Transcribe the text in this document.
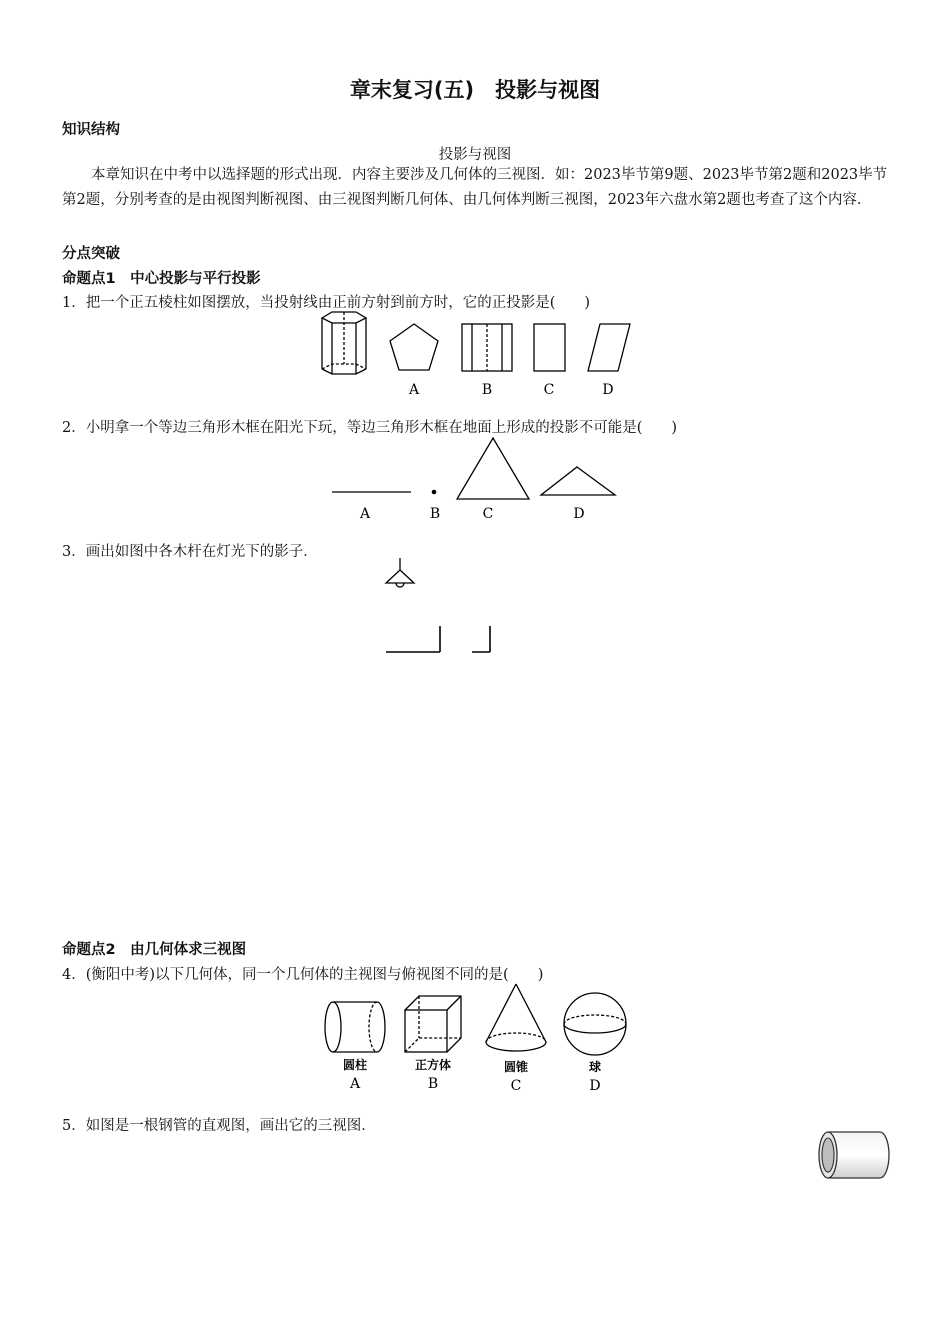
章末复习(五)　投影与视图
知识结构
投影与视图
本章知识在中考中以选择题的形式出现．内容主要涉及几何体的三视图．如：2023毕节第9题、2023毕节第2题和2023毕节第2题，分别考查的是由视图判断视图、由三视图判断几何体、由几何体判断三视图，2023年六盘水第2题也考查了这个内容．
分点突破
命题点1　中心投影与平行投影
1．把一个正五棱柱如图摆放，当投射线由正前方射到前方时，它的正投影是(　　)
A	B	C	D
2．小明拿一个等边三角形木框在阳光下玩，等边三角形木框在地面上形成的投影不可能是(　　)
A	B	C	D
3．画出如图中各木杆在灯光下的影子．
命题点2　由几何体求三视图
4．(衡阳中考)以下几何体，同一个几何体的主视图与俯视图不同的是(　　)
圆柱	正方体	圆锥	球
A	B	C	D
5．如图是一根钢管的直观图，画出它的三视图．
